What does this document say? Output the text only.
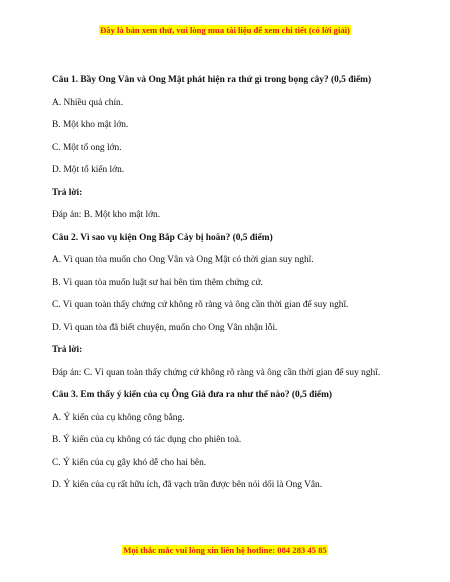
Đây là bản xem thử, vui lòng mua tài liệu để xem chi tiết (có lời giải)
Câu 1. Bầy Ong Vân và Ong Mật phát hiện ra thứ gì trong bọng cây? (0,5 điểm)
A. Nhiều quả chín.
B. Một kho mật lớn.
C. Một tổ ong lớn.
D. Một tổ kiến lớn.
Trả lời:
Đáp án: B. Một kho mật lớn.
Câu 2. Vì sao vụ kiện Ong Bắp Cày bị hoãn? (0,5 điểm)
A. Vì quan tòa muốn cho Ong Vân và Ong Mật có thời gian suy nghĩ.
B. Vì quan tòa muốn luật sư hai bên tìm thêm chứng cứ.
C. Vì quan toàn thấy chứng cứ không rõ ràng và ông cần thời gian để suy nghĩ.
D. Vì quan tòa đã biết chuyện, muốn cho Ong Vân nhận lỗi.
Trả lời:
Đáp án: C. Vì quan toàn thấy chứng cứ không rõ ràng và ông cần thời gian để suy nghĩ.
Câu 3. Em thấy ý kiến của cụ Ông Già đưa ra như thế nào? (0,5 điểm)
A. Ý kiến của cụ không công bằng.
B. Ý kiến của cụ không có tác dụng cho phiên toà.
C. Ý kiến của cụ gây khó dễ cho hai bên.
D. Ý kiến của cụ rất hữu ích, đã vạch trần được bên nói dối là Ong Vân.
Mọi thắc mắc vui lòng xin liên hệ hotline: 084 283 45 85
